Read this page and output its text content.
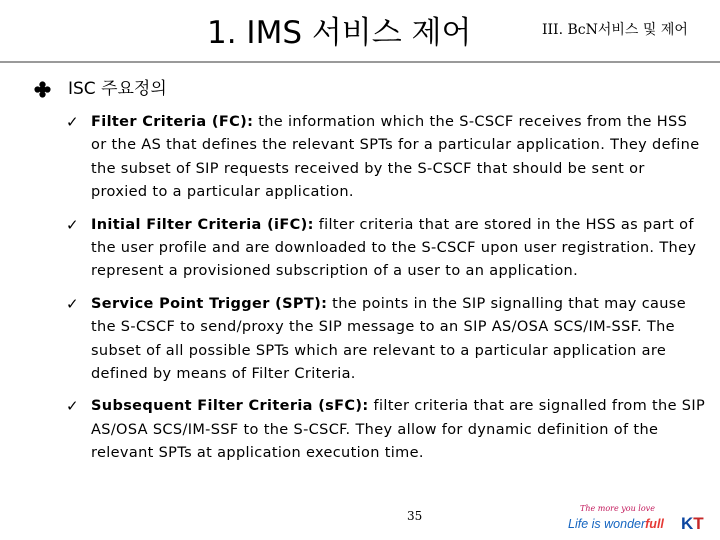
1. IMS 서비스 제어	III. BcN서비스 및 제어
ISC 주요정의
✓ Filter Criteria (FC): the information which the S-CSCF receives from the HSS or the AS that defines the relevant SPTs for a particular application. They define the subset of SIP requests received by the S-CSCF that should be sent or proxied to a particular application.
✓ Initial Filter Criteria (iFC): filter criteria that are stored in the HSS as part of the user profile and are downloaded to the S-CSCF upon user registration. They represent a provisioned subscription of a user to an application.
✓ Service Point Trigger (SPT): the points in the SIP signalling that may cause the S-CSCF to send/proxy the SIP message to an SIP AS/OSA SCS/IM-SSF. The subset of all possible SPTs which are relevant to a particular application are defined by means of Filter Criteria.
✓ Subsequent Filter Criteria (sFC): filter criteria that are signalled from the SIP AS/OSA SCS/IM-SSF to the S-CSCF. They allow for dynamic definition of the relevant SPTs at application execution time.
35
The more you love
Life is wonderfull KT
